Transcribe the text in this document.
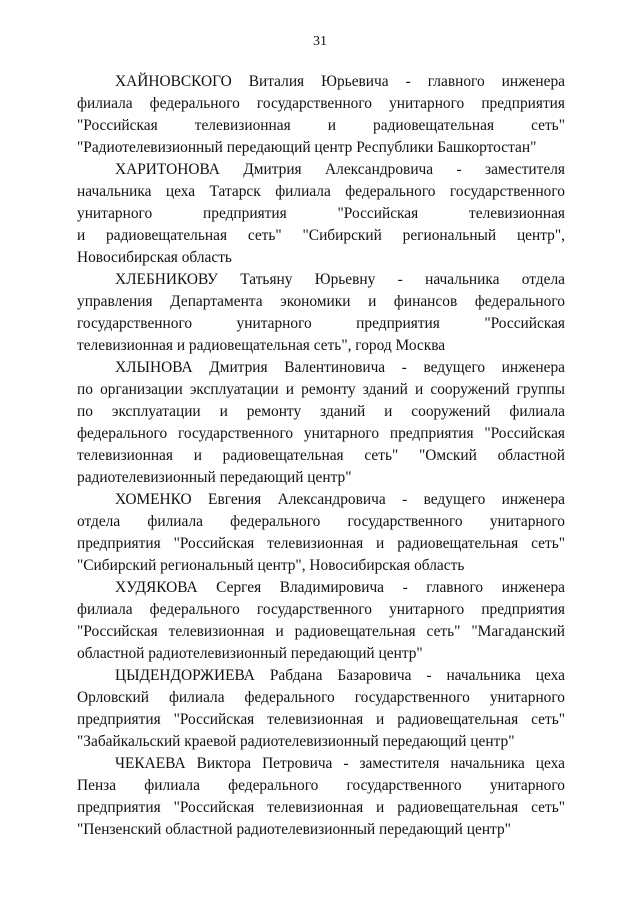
31
ХАЙНОВСКОГО Виталия Юрьевича - главного инженера
филиала федерального государственного унитарного предприятия
"Российская телевизионная и радиовещательная сеть"
"Радиотелевизионный передающий центр Республики Башкортостан"
ХАРИТОНОВА Дмитрия Александровича - заместителя
начальника цеха Татарск филиала федерального государственного
унитарного предприятия "Российская телевизионная
и радиовещательная сеть" "Сибирский региональный центр",
Новосибирская область
ХЛЕБНИКОВУ Татьяну Юрьевну - начальника отдела
управления Департамента экономики и финансов федерального
государственного унитарного предприятия "Российская
телевизионная и радиовещательная сеть", город Москва
ХЛЫНОВА Дмитрия Валентиновича - ведущего инженера
по организации эксплуатации и ремонту зданий и сооружений группы
по эксплуатации и ремонту зданий и сооружений филиала
федерального государственного унитарного предприятия "Российская
телевизионная и радиовещательная сеть" "Омский областной
радиотелевизионный передающий центр"
ХОМЕНКО Евгения Александровича - ведущего инженера
отдела филиала федерального государственного унитарного
предприятия "Российская телевизионная и радиовещательная сеть"
"Сибирский региональный центр", Новосибирская область
ХУДЯКОВА Сергея Владимировича - главного инженера
филиала федерального государственного унитарного предприятия
"Российская телевизионная и радиовещательная сеть" "Магаданский
областной радиотелевизионный передающий центр"
ЦЫДЕНДОРЖИЕВА Рабдана Базаровича - начальника цеха
Орловский филиала федерального государственного унитарного
предприятия "Российская телевизионная и радиовещательная сеть"
"Забайкальский краевой радиотелевизионный передающий центр"
ЧЕКАЕВА Виктора Петровича - заместителя начальника цеха
Пенза филиала федерального государственного унитарного
предприятия "Российская телевизионная и радиовещательная сеть"
"Пензенский областной радиотелевизионный передающий центр"
